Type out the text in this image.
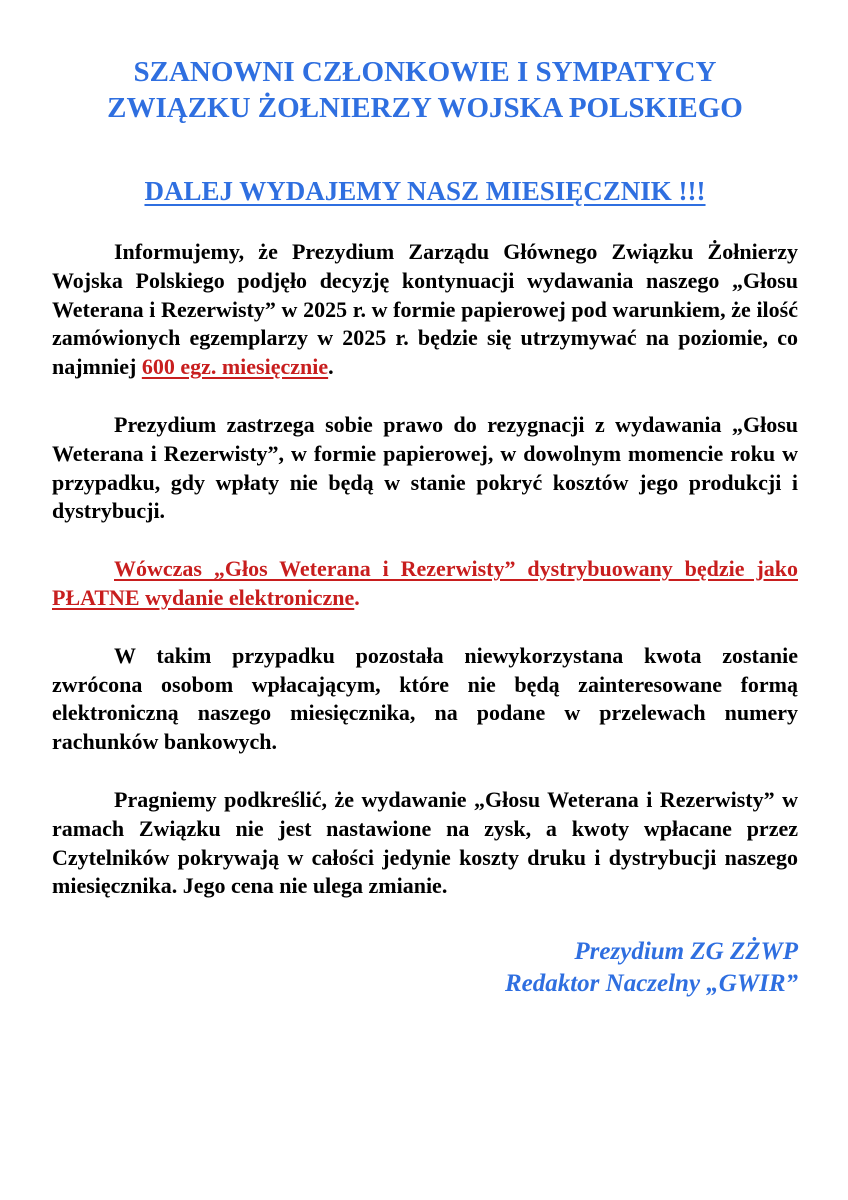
SZANOWNI CZŁONKOWIE I SYMPATYCY
ZWIĄZKU ŻOŁNIERZY WOJSKA POLSKIEGO
DALEJ WYDAJEMY NASZ MIESIĘCZNIK !!!

Informujemy, że Prezydium Zarządu Głównego Związku Żołnierzy Wojska Polskiego podjęło decyzję kontynuacji wydawania naszego „Głosu Weterana i Rezerwisty” w 2025 r. w formie papierowej pod warunkiem, że ilość zamówionych egzemplarzy w 2025 r. będzie się utrzymywać na poziomie, co najmniej 600 egz. miesięcznie.

Prezydium zastrzega sobie prawo do rezygnacji z wydawania „Głosu Weterana i Rezerwisty”, w formie papierowej, w dowolnym momencie roku w przypadku, gdy wpłaty nie będą w stanie pokryć kosztów jego produkcji i dystrybucji.

Wówczas „Głos Weterana i Rezerwisty” dystrybuowany będzie jako PŁATNE wydanie elektroniczne.

W takim przypadku pozostała niewykorzystana kwota zostanie zwrócona osobom wpłacającym, które nie będą zainteresowane formą elektroniczną naszego miesięcznika, na podane w przelewach numery rachunków bankowych.

Pragniemy podkreślić, że wydawanie „Głosu Weterana i Rezerwisty” w ramach Związku nie jest nastawione na zysk, a kwoty wpłacane przez Czytelników pokrywają w całości jedynie koszty druku i dystrybucji naszego miesięcznika. Jego cena nie ulega zmianie.

Prezydium ZG ZŻWP
Redaktor Naczelny „GWIR”
